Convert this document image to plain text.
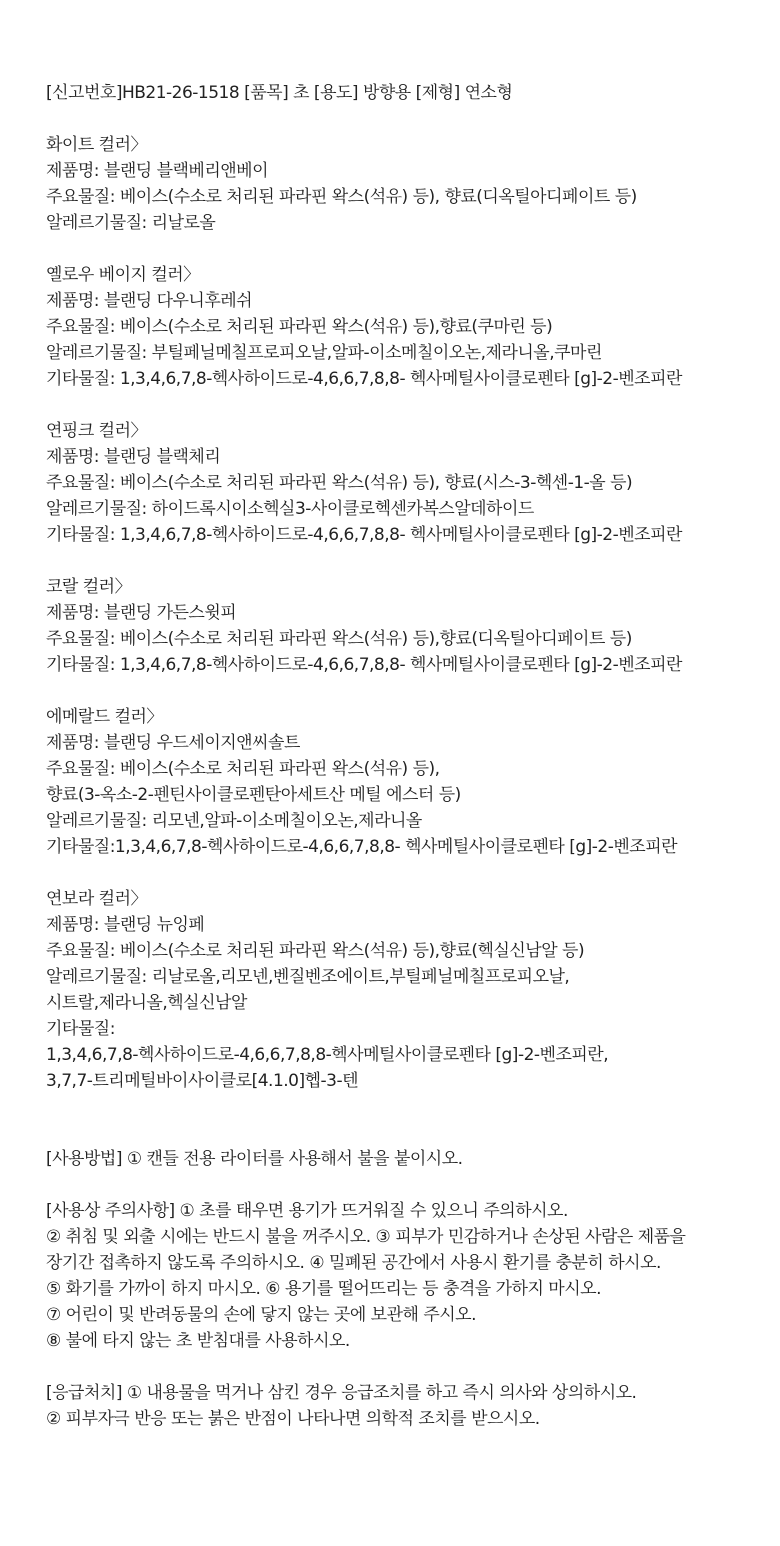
[신고번호]HB21-26-1518 [품목] 초 [용도] 방향용 [제형] 연소형
화이트 컬러〉
제품명: 블랜딩 블랙베리앤베이
주요물질: 베이스(수소로 처리된 파라핀 왁스(석유) 등), 향료(디옥틸아디페이트 등)
알레르기물질: 리날로올
옐로우 베이지 컬러〉
제품명: 블랜딩 다우니후레쉬
주요물질: 베이스(수소로 처리된 파라핀 왁스(석유) 등),향료(쿠마린 등)
알레르기물질: 부틸페닐메칠프로피오날,알파-이소메칠이오논,제라니올,쿠마린
기타물질: 1,3,4,6,7,8-헥사하이드로-4,6,6,7,8,8- 헥사메틸사이클로펜타 [g]-2-벤조피란
연핑크 컬러〉
제품명: 블랜딩 블랙체리
주요물질: 베이스(수소로 처리된 파라핀 왁스(석유) 등), 향료(시스-3-헥센-1-올 등)
알레르기물질: 하이드록시이소헥실3-사이클로헥센카복스알데하이드
기타물질: 1,3,4,6,7,8-헥사하이드로-4,6,6,7,8,8- 헥사메틸사이클로펜타 [g]-2-벤조피란
코랄 컬러〉
제품명: 블랜딩 가든스윗피
주요물질: 베이스(수소로 처리된 파라핀 왁스(석유) 등),향료(디옥틸아디페이트 등)
기타물질: 1,3,4,6,7,8-헥사하이드로-4,6,6,7,8,8- 헥사메틸사이클로펜타 [g]-2-벤조피란
에메랄드 컬러〉
제품명: 블랜딩 우드세이지앤씨솔트
주요물질: 베이스(수소로 처리된 파라핀 왁스(석유) 등),
향료(3-옥소-2-펜틴사이클로펜탄아세트산 메틸 에스터 등)
알레르기물질: 리모넨,알파-이소메칠이오논,제라니올
기타물질:1,3,4,6,7,8-헥사하이드로-4,6,6,7,8,8- 헥사메틸사이클로펜타 [g]-2-벤조피란
연보라 컬러〉
제품명: 블랜딩 뉴잉페
주요물질: 베이스(수소로 처리된 파라핀 왁스(석유) 등),향료(헥실신남알 등)
알레르기물질: 리날로올,리모넨,벤질벤조에이트,부틸페닐메칠프로피오날,
시트랄,제라니올,헥실신남알
기타물질:
1,3,4,6,7,8-헥사하이드로-4,6,6,7,8,8-헥사메틸사이클로펜타 [g]-2-벤조피란,
3,7,7-트리메틸바이사이클로[4.1.0]헵-3-텐
[사용방법] ① 캔들 전용 라이터를 사용해서 불을 붙이시오.
[사용상 주의사항] ① 초를 태우면 용기가 뜨거워질 수 있으니 주의하시오.
② 취침 및 외출 시에는 반드시 불을 꺼주시오. ③ 피부가 민감하거나 손상된 사람은 제품을
장기간 접촉하지 않도록 주의하시오. ④ 밀폐된 공간에서 사용시 환기를 충분히 하시오.
⑤ 화기를 가까이 하지 마시오. ⑥ 용기를 떨어뜨리는 등 충격을 가하지 마시오.
⑦ 어린이 및 반려동물의 손에 닿지 않는 곳에 보관해 주시오.
⑧ 불에 타지 않는 초 받침대를 사용하시오.
[응급처치] ① 내용물을 먹거나 삼킨 경우 응급조치를 하고 즉시 의사와 상의하시오.
② 피부자극 반응 또는 붉은 반점이 나타나면 의학적 조치를 받으시오.
